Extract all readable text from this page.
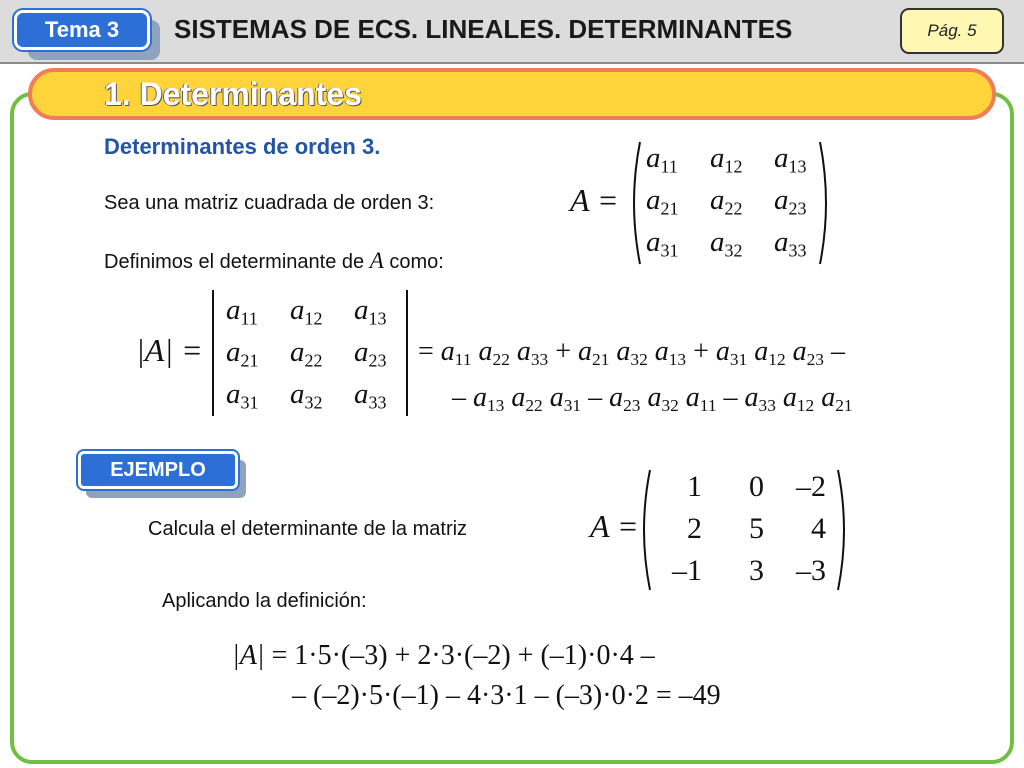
Tema 3	SISTEMAS DE ECS. LINEALES. DETERMINANTES	Pág. 5
1. Determinantes
Determinantes de orden 3.
Sea una matriz cuadrada de orden 3:
Definimos el determinante de A como:
A =
$a_{11}$	$a_{12}$	$a_{13}$
$a_{21}$	$a_{22}$	$a_{23}$
$a_{31}$	$a_{32}$	$a_{33}$
|A| =
$a_{11}$	$a_{12}$	$a_{13}$
$a_{21}$	$a_{22}$	$a_{23}$
$a_{31}$	$a_{32}$	$a_{33}$
= $a_{11}$ $a_{22}$ $a_{33} + a_{21}$ $a_{32}$ $a_{13} + a_{31}$ $a_{12}$ $a_{23}$ –
– $a_{13}$ $a_{22}$ $a_{31} - a_{23}$ $a_{32}$ $a_{11} - a_{33}$ $a_{12}$ $a_{21}$
EJEMPLO
Calcula el determinante de la matriz	A =
1	0	–2
2	5	4
–1	3	–3
Aplicando la definición:
|A| = 1·5·(–3) + 2·3·(–2) + (–1)·0·4 –
– (–2)·5·(–1) – 4·3·1 – (–3)·0·2 = –49
